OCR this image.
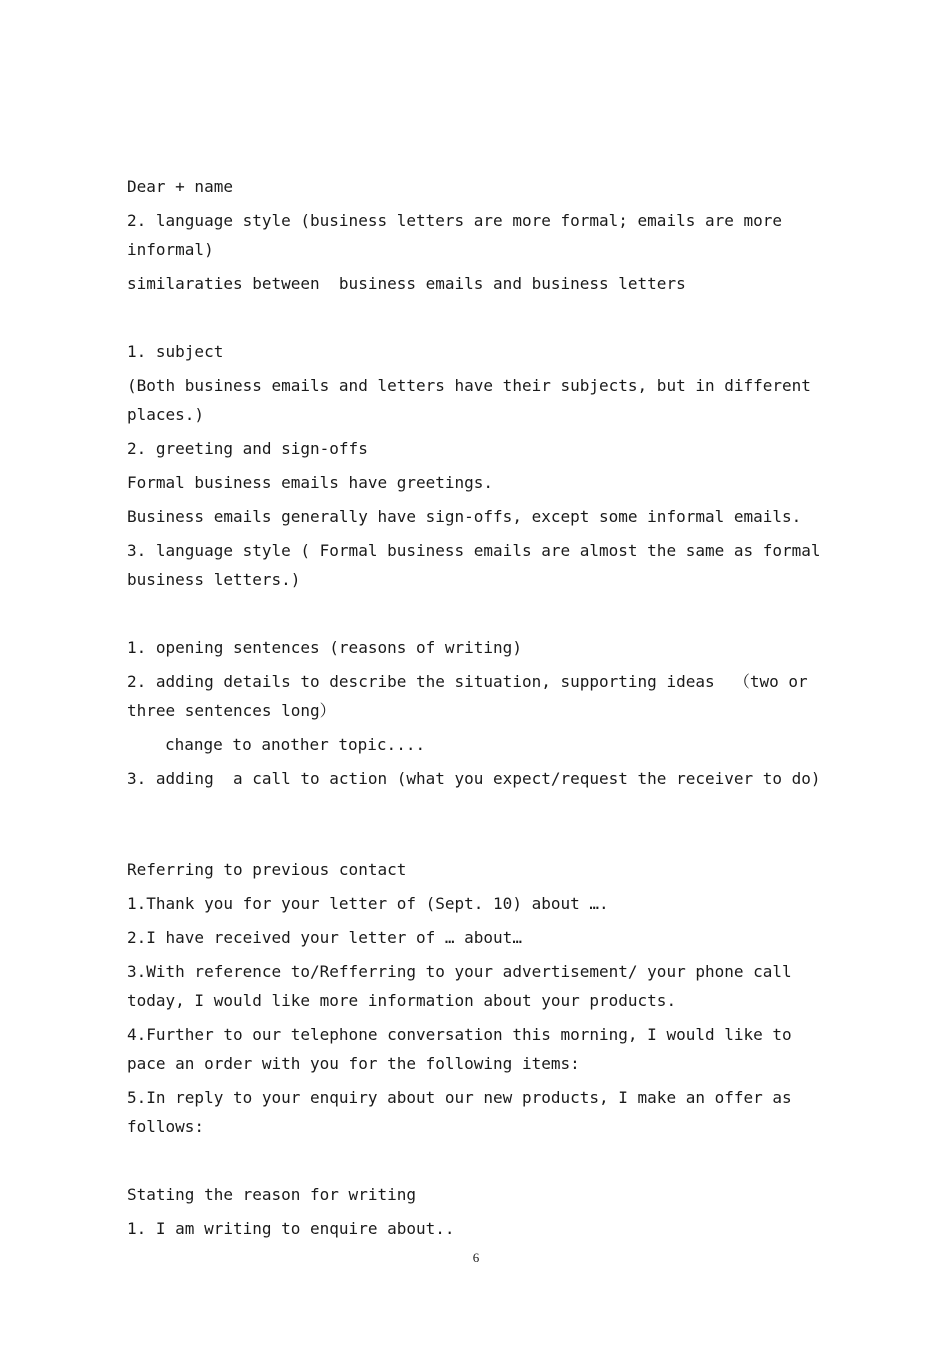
Dear + name
2. language style (business letters are more formal; emails are more informal)
similaraties between  business emails and business letters
1. subject
(Both business emails and letters have their subjects, but in different places.)
2. greeting and sign-offs
Formal business emails have greetings.
Business emails generally have sign-offs, except some informal emails.
3. language style ( Formal business emails are almost the same as formal business letters.)
1. opening sentences (reasons of writing)
2. adding details to describe the situation, supporting ideas  （two or three sentences long）
change to another topic....
3. adding  a call to action (what you expect/request the receiver to do)
Referring to previous contact
1.Thank you for your letter of (Sept. 10) about ….
2.I have received your letter of … about…
3.With reference to/Refferring to your advertisement/ your phone call today, I would like more information about your products.
4.Further to our telephone conversation this morning, I would like to pace an order with you for the following items:
5.In reply to your enquiry about our new products, I make an offer as follows:
Stating the reason for writing
1. I am writing to enquire about..
6
